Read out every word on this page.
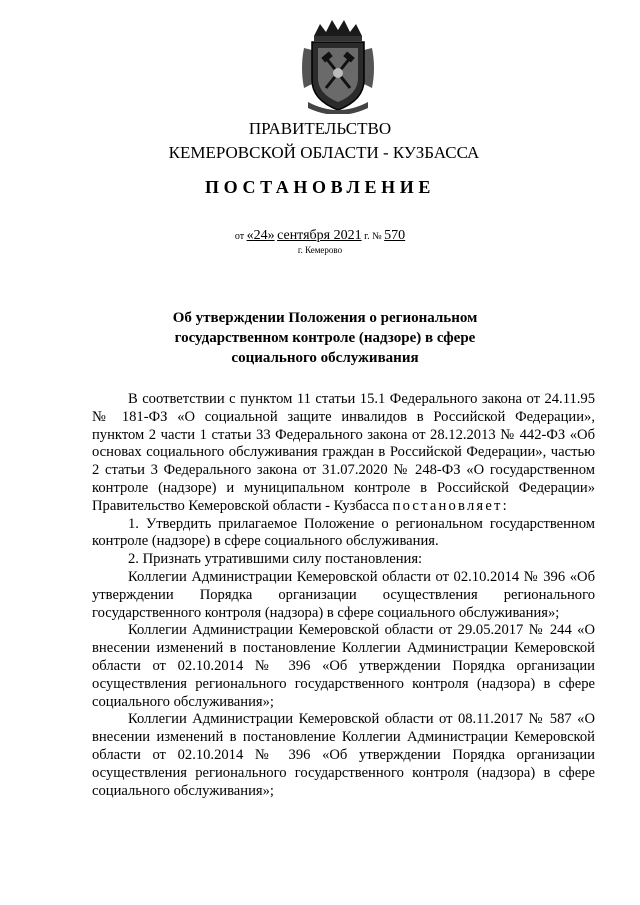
ПРАВИТЕЛЬСТВО
КЕМЕРОВСКОЙ ОБЛАСТИ - КУЗБАССА
ПОСТАНОВЛЕНИЕ
от «24» сентября 2021 г. № 570
г. Кемерово
Об утверждении Положения о региональном
государственном контроле (надзоре) в сфере
социального обслуживания

В соответствии с пунктом 11 статьи 15.1 Федерального закона от 24.11.95 № 181-ФЗ «О социальной защите инвалидов в Российской Федерации», пунктом 2 части 1 статьи 33 Федерального закона от 28.12.2013 № 442-ФЗ «Об основах социального обслуживания граждан в Российской Федерации», частью 2 статьи 3 Федерального закона от 31.07.2020 № 248-ФЗ «О государственном контроле (надзоре) и муниципальном контроле в Российской Федерации» Правительство Кемеровской области - Кузбасса постановляет:

1. Утвердить прилагаемое Положение о региональном государственном контроле (надзоре) в сфере социального обслуживания.

2. Признать утратившими силу постановления:

Коллегии Администрации Кемеровской области от 02.10.2014 № 396 «Об утверждении Порядка организации осуществления регионального государственного контроля (надзора) в сфере социального обслуживания»;

Коллегии Администрации Кемеровской области от 29.05.2017 № 244 «О внесении изменений в постановление Коллегии Администрации Кемеровской области от 02.10.2014 № 396 «Об утверждении Порядка организации осуществления регионального государственного контроля (надзора) в сфере социального обслуживания»;

Коллегии Администрации Кемеровской области от 08.11.2017 № 587 «О внесении изменений в постановление Коллегии Администрации Кемеровской области от 02.10.2014 № 396 «Об утверждении Порядка организации осуществления регионального государственного контроля (надзора) в сфере социального обслуживания»;
